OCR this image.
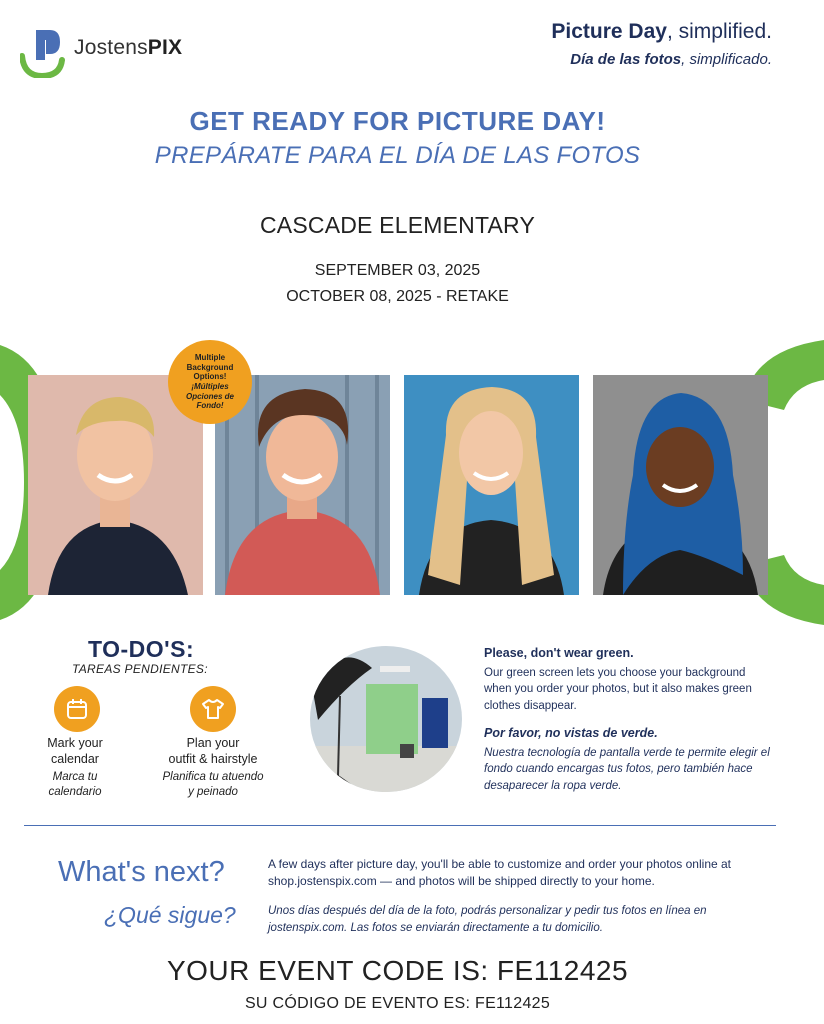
JostensPIX
Picture Day, simplified.
Día de las fotos, simplificado.
GET READY FOR PICTURE DAY!
PREPÁRATE PARA EL DÍA DE LAS FOTOS
CASCADE ELEMENTARY
SEPTEMBER 03, 2025
OCTOBER 08, 2025 - RETAKE
Multiple Background Options!
¡Múltiples Opciones de Fondo!
TO-DO'S:
TAREAS PENDIENTES:
Mark your
calendar
Marca tu
calendario
Plan your
outfit & hairstyle
Planifica tu atuendo
y peinado
Please, don't wear green.
Our green screen lets you choose your background when you order your photos, but it also makes green clothes disappear.
Por favor, no vistas de verde.
Nuestra tecnología de pantalla verde te permite elegir el fondo cuando encargas tus fotos, pero también hace desaparecer la ropa verde.
What's next?
¿Qué sigue?
A few days after picture day, you'll be able to customize and order your photos online at shop.jostenspix.com — and photos will be shipped directly to your home.
Unos días después del día de la foto, podrás personalizar y pedir tus fotos en línea en jostenspix.com. Las fotos se enviarán directamente a tu domicilio.
YOUR EVENT CODE IS: FE112425
SU CÓDIGO DE EVENTO ES: FE112425
